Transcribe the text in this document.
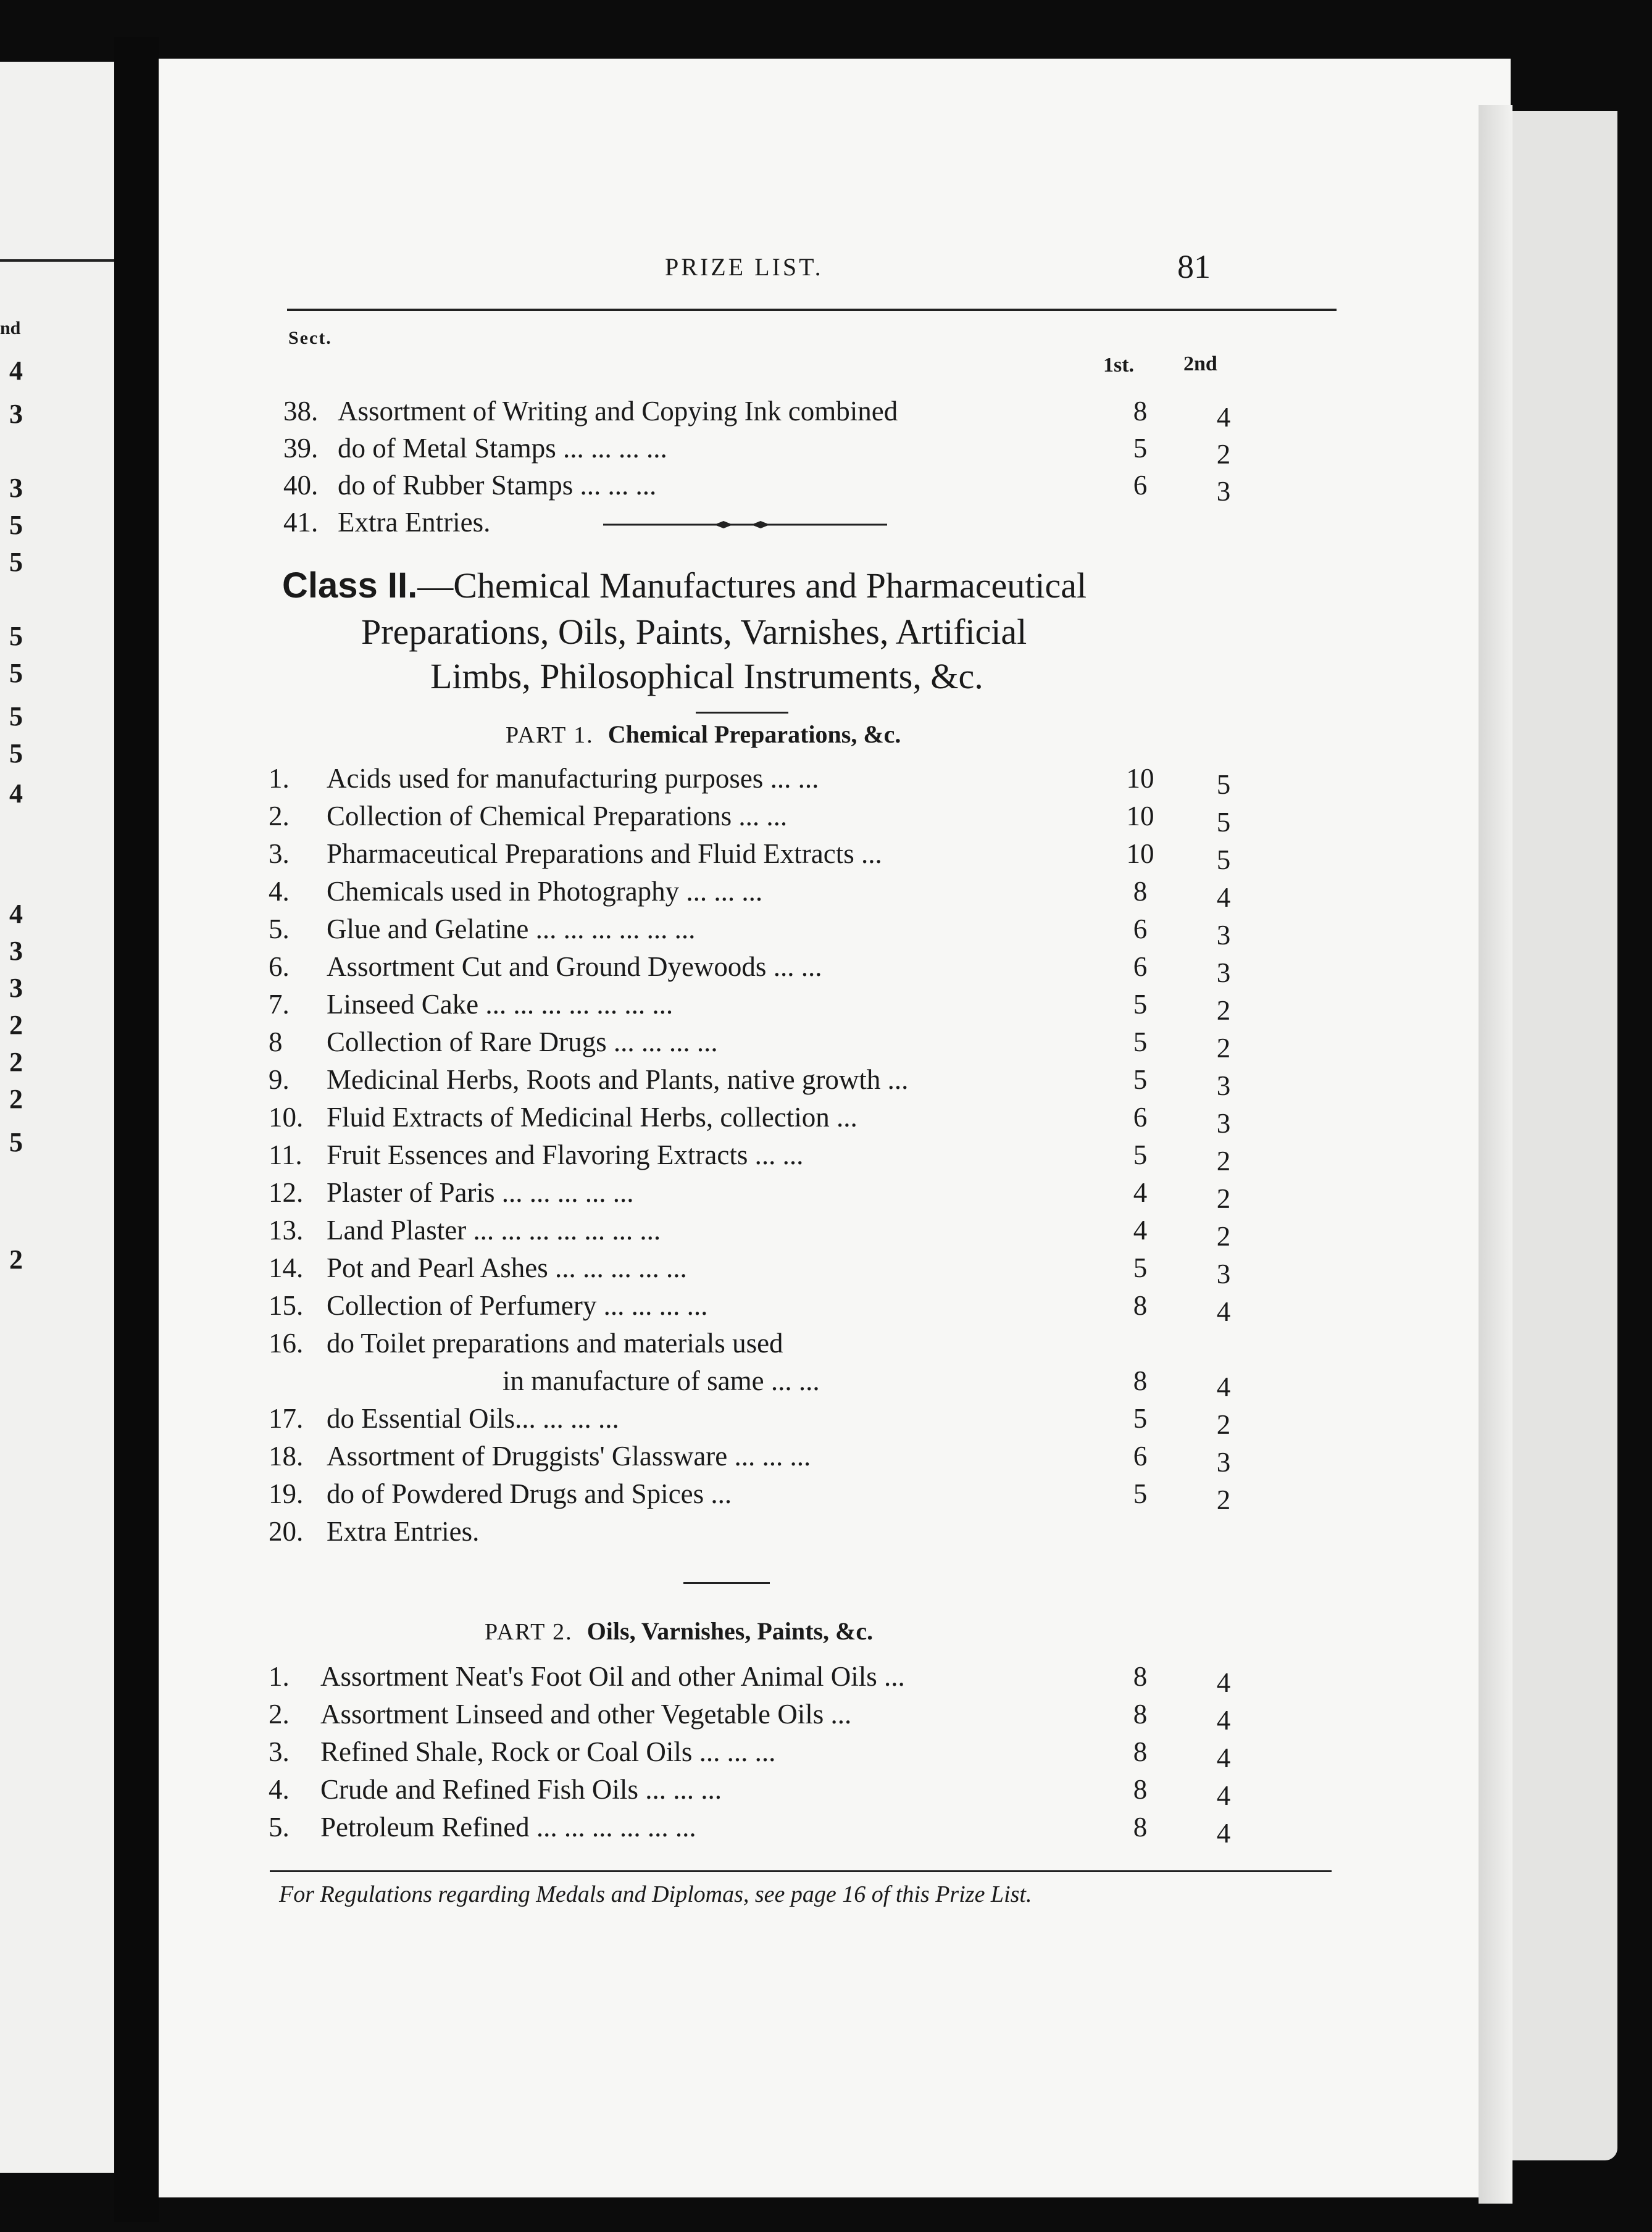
nd
4
3
3
5
5
5
5
5
5
4
4
3
3
2
2
2
5
2
PRIZE LIST.	81
Sect.
1st. 2nd
38. Assortment of Writing and Copying Ink combined	8	4
39. do of Metal Stamps ... ... ... ...	5	2
40. do of Rubber Stamps ... ... ...	6	3
41. Extra Entries.
Class II.—Chemical Manufactures and Pharmaceutical
Preparations, Oils, Paints, Varnishes, Artificial
Limbs, Philosophical Instruments, &c.
PART 1. Chemical Preparations, &c.
1. Acids used for manufacturing purposes ... ...	10	5
2. Collection of Chemical Preparations ... ...	10	5
3. Pharmaceutical Preparations and Fluid Extracts ...	10	5
4. Chemicals used in Photography ... ... ...	8	4
5. Glue and Gelatine ... ... ... ... ... ...	6	3
6. Assortment Cut and Ground Dyewoods ... ...	6	3
7. Linseed Cake ... ... ... ... ... ... ...	5	2
8 Collection of Rare Drugs ... ... ... ...	5	2
9. Medicinal Herbs, Roots and Plants, native growth ...	5	3
10. Fluid Extracts of Medicinal Herbs, collection ...	6	3
11. Fruit Essences and Flavoring Extracts ... ...	5	2
12. Plaster of Paris ... ... ... ... ...	4	2
13. Land Plaster ... ... ... ... ... ... ...	4	2
14. Pot and Pearl Ashes ... ... ... ... ...	5	3
15. Collection of Perfumery ... ... ... ...	8	4
16. do Toilet preparations and materials used
in manufacture of same ... ...	8	4
17. do Essential Oils... ... ... ...	5	2
18. Assortment of Druggists' Glassware ... ... ...	6	3
19. do of Powdered Drugs and Spices ...	5	2
20. Extra Entries.
PART 2. Oils, Varnishes, Paints, &c.
1. Assortment Neat's Foot Oil and other Animal Oils ...	8	4
2. Assortment Linseed and other Vegetable Oils ...	8	4
3. Refined Shale, Rock or Coal Oils ... ... ...	8	4
4. Crude and Refined Fish Oils ... ... ...	8	4
5. Petroleum Refined ... ... ... ... ... ...	8	4
For Regulations regarding Medals and Diplomas, see page 16 of this Prize List.
